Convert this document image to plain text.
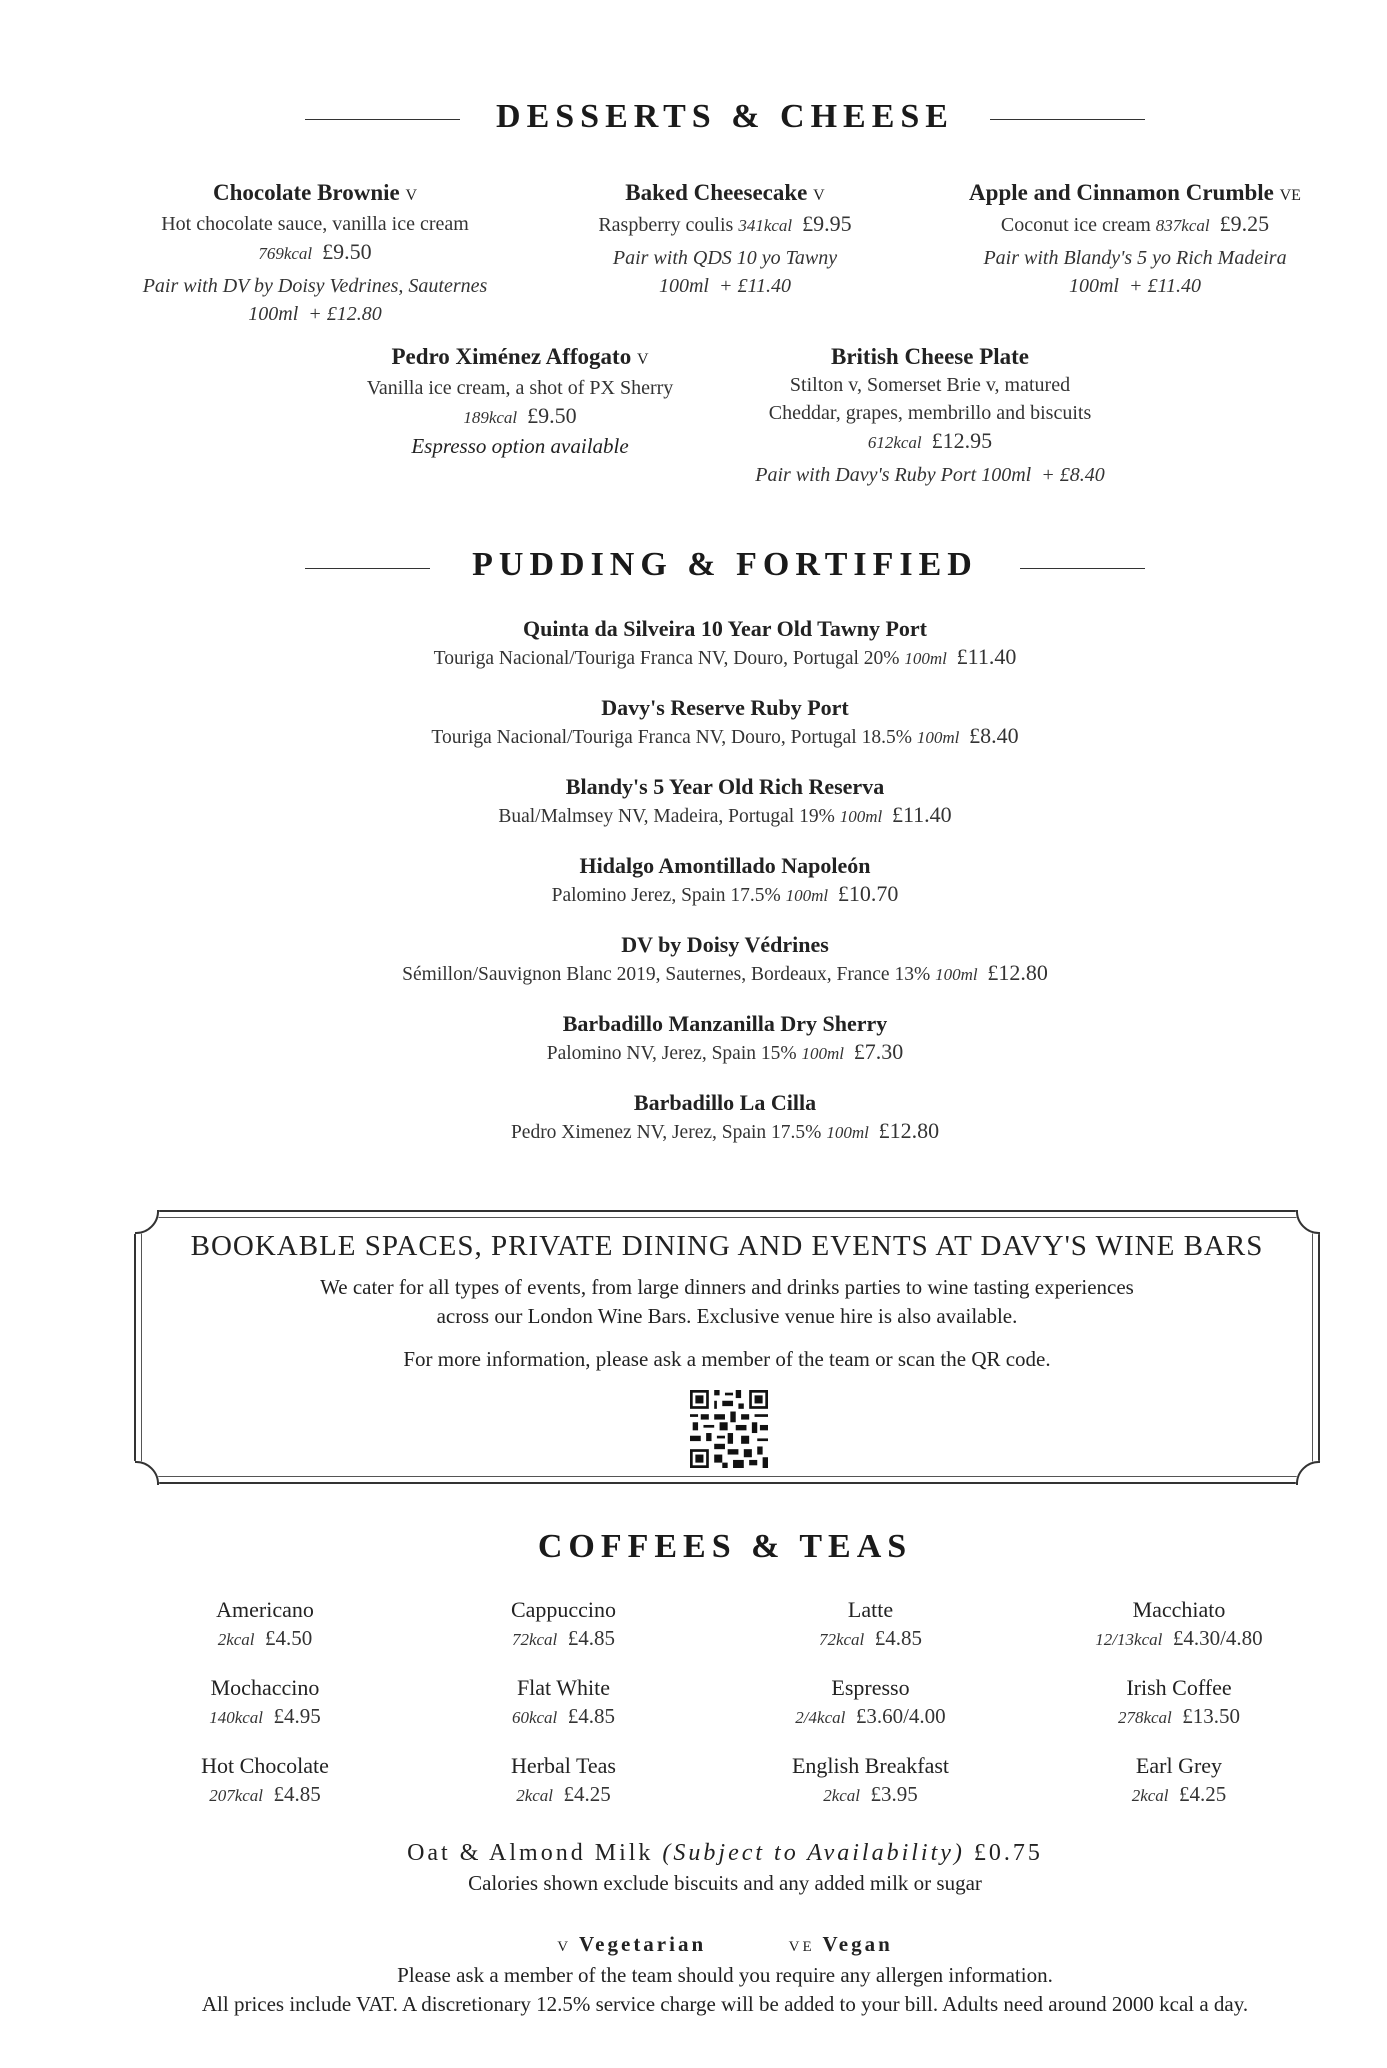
DESSERTS & CHEESE
Chocolate Brownie V
Hot chocolate sauce, vanilla ice cream
769kcal £9.50
Pair with DV by Doisy Vedrines, Sauternes
100ml + £12.80
Baked Cheesecake V
Raspberry coulis 341kcal £9.95
Pair with QDS 10 yo Tawny
100ml + £11.40
Apple and Cinnamon Crumble VE
Coconut ice cream 837kcal £9.25
Pair with Blandy's 5 yo Rich Madeira
100ml + £11.40
Pedro Ximénez Affogato V
Vanilla ice cream, a shot of PX Sherry
189kcal £9.50
Espresso option available
British Cheese Plate
Stilton v, Somerset Brie v, matured
Cheddar, grapes, membrillo and biscuits
612kcal £12.95
Pair with Davy's Ruby Port 100ml + £8.40
PUDDING & FORTIFIED
Quinta da Silveira 10 Year Old Tawny Port
Touriga Nacional/Touriga Franca NV, Douro, Portugal 20% 100ml £11.40
Davy's Reserve Ruby Port
Touriga Nacional/Touriga Franca NV, Douro, Portugal 18.5% 100ml £8.40
Blandy's 5 Year Old Rich Reserva
Bual/Malmsey NV, Madeira, Portugal 19% 100ml £11.40
Hidalgo Amontillado Napoleón
Palomino Jerez, Spain 17.5% 100ml £10.70
DV by Doisy Védrines
Sémillon/Sauvignon Blanc 2019, Sauternes, Bordeaux, France 13% 100ml £12.80
Barbadillo Manzanilla Dry Sherry
Palomino NV, Jerez, Spain 15% 100ml £7.30
Barbadillo La Cilla
Pedro Ximenez NV, Jerez, Spain 17.5% 100ml £12.80
BOOKABLE SPACES, PRIVATE DINING AND EVENTS AT DAVY'S WINE BARS
We cater for all types of events, from large dinners and drinks parties to wine tasting experiences
across our London Wine Bars. Exclusive venue hire is also available.
For more information, please ask a member of the team or scan the QR code.
COFFEES & TEAS
Americano
2kcal £4.50
Cappuccino
72kcal £4.85
Latte
72kcal £4.85
Macchiato
12/13kcal £4.30/4.80
Mochaccino
140kcal £4.95
Flat White
60kcal £4.85
Espresso
2/4kcal £3.60/4.00
Irish Coffee
278kcal £13.50
Hot Chocolate
207kcal £4.85
Herbal Teas
2kcal £4.25
English Breakfast
2kcal £3.95
Earl Grey
2kcal £4.25
Oat & Almond Milk (Subject to Availability) £0.75
Calories shown exclude biscuits and any added milk or sugar
V Vegetarian	VE Vegan
Please ask a member of the team should you require any allergen information.
All prices include VAT. A discretionary 12.5% service charge will be added to your bill. Adults need around 2000 kcal a day.
